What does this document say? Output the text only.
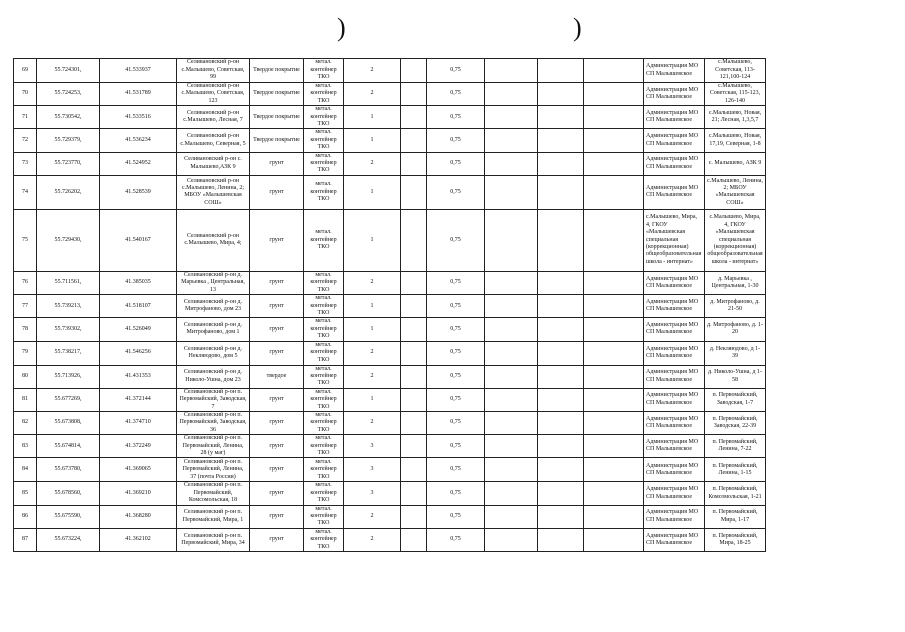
)	)
69	55.724301,	41.533937	Селивановский р-он с.Малышево, Советская, 99	Твердое покрытие	метал. контейнер ТКО	2		0,75				Администрация МО СП Малышевское	с.Малышево, Советская, 113-121,100-124
70	55.724253,	41.531789	Селивановский р-он с.Малышево, Советская, 123	Твердое покрытие	метал. контейнер ТКО	2		0,75				Администрация МО СП Малышевское	с.Малышево, Советская, 115-123, 126-140
71	55.730542,	41.533516	Селивановский р-он с.Малышево, Лесная, 7	Твердое покрытие	метал. контейнер ТКО	1		0,75				Администрация МО СП Малышевское	с.Малышево, Новая, 21; Лесная, 1,3,5,7
72	55.729379,	41.536234	Селивановский р-он с.Малышево, Северная, 5	Твердое покрытие	метал. контейнер ТКО	1		0,75				Администрация МО СП Малышевское	с.Малышево, Новая, 17,19, Северная, 1-8
73	55.723770,	41.524952	Селивановский р-он с. Малышево,АЗК 9	грунт	метал. контейнер ТКО	2		0,75				Администрация МО СП Малышевское	с. Малышево, АЗК 9
74	55.726202,	41.528539	Селивановский р-он с.Малышево, Ленина, 2; МБОУ «Малышевская СОШ»	грунт	метал. контейнер ТКО	1		0,75				Администрация МО СП Малышевское	с.Малышево, Ленина, 2; МБОУ «Малышевская СОШ»
75	55.729430,	41.540167	Селивановский р-он с.Малышево, Мира, 4;	грунт	метал. контейнер ТКО	1		0,75				с.Малышево, Мира, 4, ГКОУ «Малышевская специальная (коррекционная) общеобразовательная школа - интернат»	с.Малышево, Мира, 4, ГКОУ «Малышевская специальная (коррекционная) общеобразовательная школа - интернат»
76	55.711561,	41.385035	Селивановский р-он д. Марьевка , Центральная, 13	грунт	метал. контейнер ТКО	2		0,75				Администрация МО СП Малышевское	д. Марьевка , Центральная, 1-30
77	55.739213,	41.518107	Селивановский р-он д. Митрофаново, дом 23	грунт	метал. контейнер ТКО	1		0,75				Администрация МО СП Малышевское	д. Митрофаново, д. 21-50
78	55.739302,	41.526049	Селивановский р-он д. Митрофаново, дом 1	грунт	метал. контейнер ТКО	1		0,75				Администрация МО СП Малышевское	д. Митрофаново, д. 1-20
79	55.738217,	41.546256	Селивановский р-он д. Некляюдово, дом 5	грунт	метал. контейнер ТКО	2		0,75				Администрация МО СП Малышевское	д. Некляюдово, д 1-39
80	55.713926,	41.431353	Селивановский р-он д. Николо-Ушна, дом 23	твердое	метал. контейнер ТКО	2		0,75				Администрация МО СП Малышевское	д. Николо-Ушна, д 1-58
81	55.677269,	41.372144	Селивановский р-он п. Первомайский, Заводская, 7	грунт	метал. контейнер ТКО	1		0,75				Администрация МО СП Малышевское	п. Первомайский, Заводская, 1-7
82	55.673808,	41.374710	Селивановский р-он п. Первомайский, Заводская, 36	грунт	метал. контейнер ТКО	2		0,75				Администрация МО СП Малышевское	п. Первомайский, Заводская, 22-39
83	55.674814,	41.372249	Селивановский р-он п. Первомайский, Ленина, 28 (у маг)	грунт	метал. контейнер ТКО	3		0,75				Администрация МО СП Малышевское	п. Первомайский, Ленина, 7-22
84	55.673780,	41.369065	Селивановский р-он п. Первомайский, Ленина, 37 (почта России)	грунт	метал. контейнер ТКО	3		0,75				Администрация МО СП Малышевское	п. Первомайский, Ленина, 1-15
85	55.678560,	41.369210	Селивановский р-он п. Первомайский, Комсомольская, 18	грунт	метал. контейнер ТКО	3		0,75				Администрация МО СП Малышевское	п. Первомайский, Комсомольская, 1-21
86	55.675590,	41.368280	Селивановский р-он п. Первомайский, Мира, 1	грунт	метал. контейнер ТКО	2		0,75				Администрация МО СП Малышевское	п. Первомайский, Мира, 1-17
87	55.673224,	41.362102	Селивановский р-он п. Первомайский, Мира, 34	грунт	метал. контейнер ТКО	2		0,75				Администрация МО СП Малышевское	п. Первомайский, Мира, 18-25
